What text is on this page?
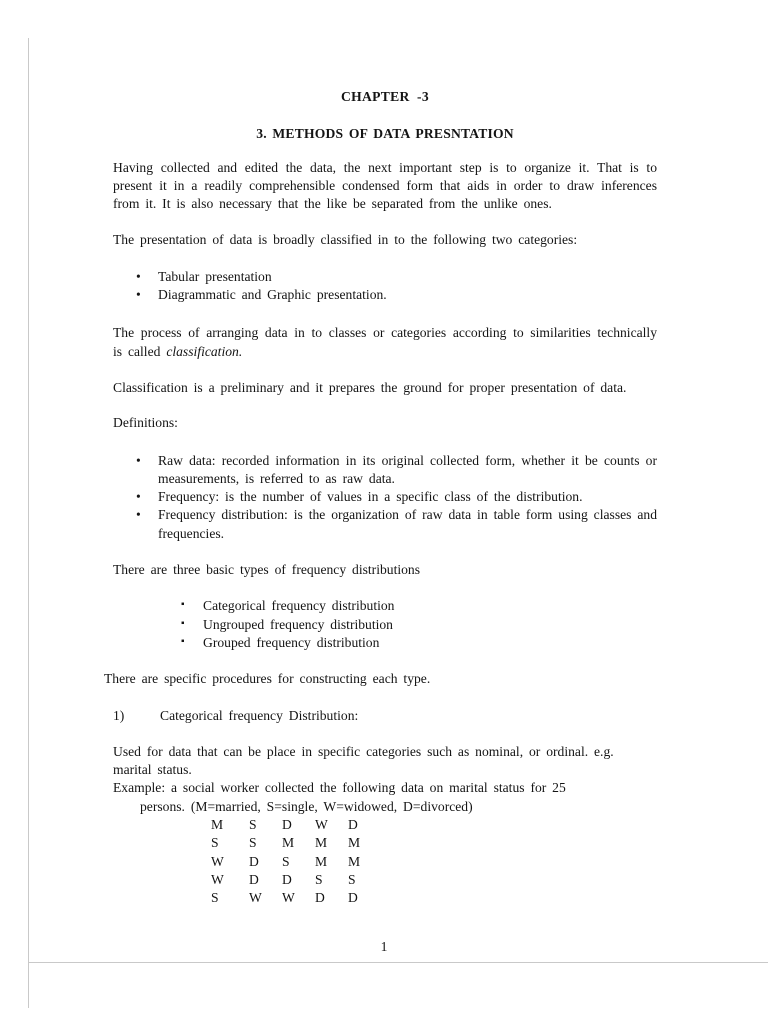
CHAPTER  -3
3. METHODS OF DATA PRESNTATION

Having collected and edited the data, the next important step is to organize it. That is to present it in a readily comprehensible condensed form that aids in order to draw inferences from it. It is also necessary that the like be separated from the unlike ones.

The presentation of data is broadly classified in to the following two categories:

• Tabular presentation
• Diagrammatic and Graphic presentation.

The process of arranging data in to classes or categories according to similarities technically is called classification.

Classification is a preliminary and it prepares the ground for proper presentation of data.

Definitions:

• Raw data: recorded information in its original collected form, whether it be counts or measurements, is referred to as raw data.
• Frequency: is the number of values in a specific class of the distribution.
• Frequency distribution: is the organization of raw data in table form using classes and frequencies.

There are three basic types of frequency distributions

▪ Categorical frequency distribution
▪ Ungrouped frequency distribution
▪ Grouped frequency distribution

There are specific procedures for constructing each type.

1)	Categorical frequency Distribution:

Used for data that can be place in specific categories such as nominal, or ordinal. e.g. marital status.

Example: a social worker collected the following data on marital status for 25

persons. (M=married, S=single, W=widowed, D=divorced)

M S D W D
S S M M M
W D S M M
W D D S S
S W W D D
1
